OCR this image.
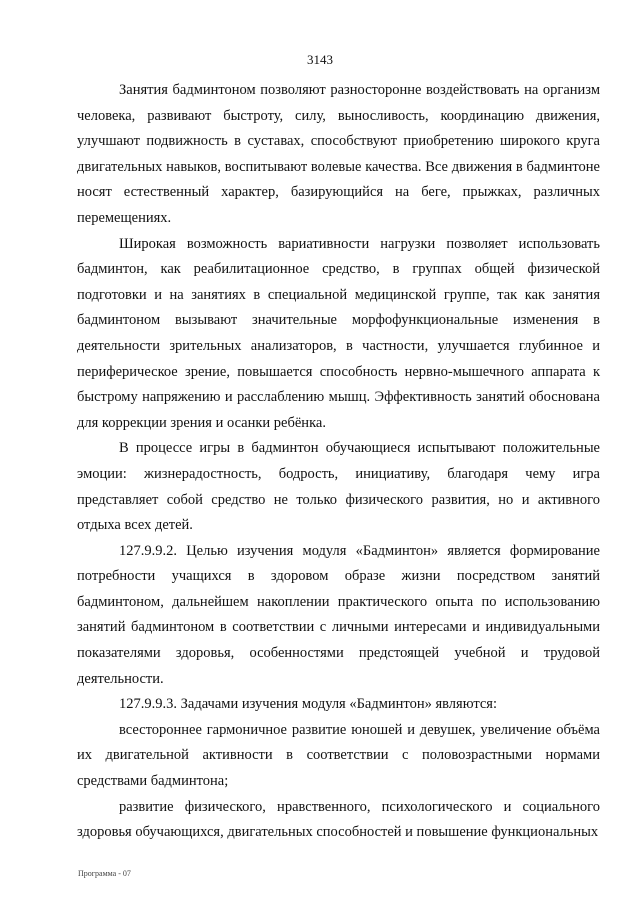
3143

Занятия бадминтоном позволяют разносторонне воздействовать на организм человека, развивают быстроту, силу, выносливость, координацию движения, улучшают подвижность в суставах, способствуют приобретению широкого круга двигательных навыков, воспитывают волевые качества. Все движения в бадминтоне носят естественный характер, базирующийся на беге, прыжках, различных перемещениях.

Широкая возможность вариативности нагрузки позволяет использовать бадминтон, как реабилитационное средство, в группах общей физической подготовки и на занятиях в специальной медицинской группе, так как занятия бадминтоном вызывают значительные морфофункциональные изменения в деятельности зрительных анализаторов, в частности, улучшается глубинное и периферическое зрение, повышается способность нервно-мышечного аппарата к быстрому напряжению и расслаблению мышц. Эффективность занятий обоснована для коррекции зрения и осанки ребёнка.

В процессе игры в бадминтон обучающиеся испытывают положительные эмоции: жизнерадостность, бодрость, инициативу, благодаря чему игра представляет собой средство не только физического развития, но и активного отдыха всех детей.

127.9.9.2. Целью изучения модуля «Бадминтон» является формирование потребности учащихся в здоровом образе жизни посредством занятий бадминтоном, дальнейшем накоплении практического опыта по использованию занятий бадминтоном в соответствии с личными интересами и индивидуальными показателями здоровья, особенностями предстоящей учебной и трудовой деятельности.

127.9.9.3. Задачами изучения модуля «Бадминтон» являются:

всестороннее гармоничное развитие юношей и девушек, увеличение объёма их двигательной активности в соответствии с половозрастными нормами средствами бадминтона;

развитие физического, нравственного, психологического и социального здоровья обучающихся, двигательных способностей и повышение функциональных

Программа - 07
